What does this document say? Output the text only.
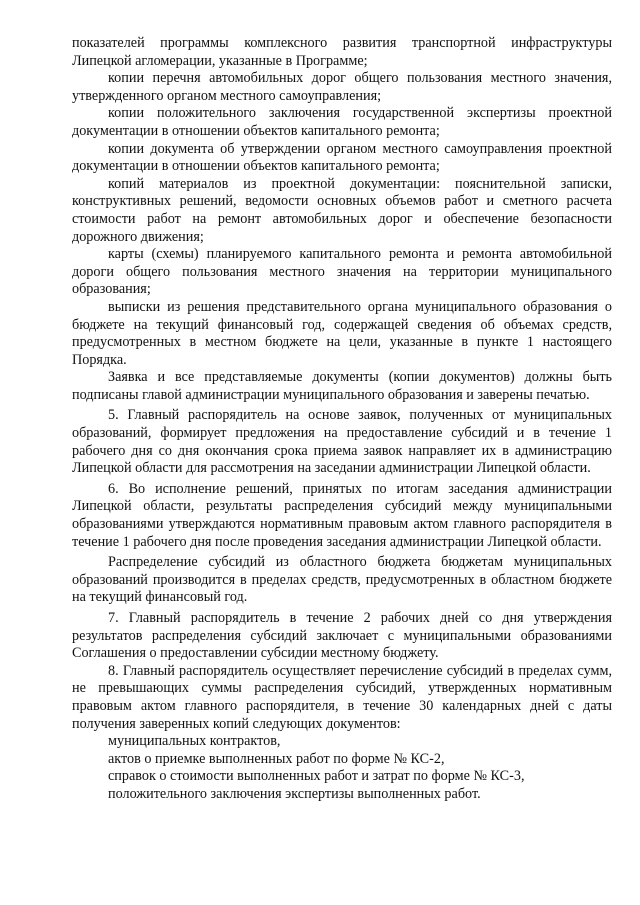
показателей программы комплексного развития транспортной инфраструктуры Липецкой агломерации, указанные в Программе;

копии перечня автомобильных дорог общего пользования местного значения, утвержденного органом местного самоуправления;

копии положительного заключения государственной экспертизы проектной документации в отношении объектов капитального ремонта;

копии документа об утверждении органом местного самоуправления проектной документации в отношении объектов капитального ремонта;

копий материалов из проектной документации: пояснительной записки, конструктивных решений, ведомости основных объемов работ и сметного расчета стоимости работ на ремонт автомобильных дорог и обеспечение безопасности дорожного движения;

карты (схемы) планируемого капитального ремонта и ремонта автомобильной дороги общего пользования местного значения на территории муниципального образования;

выписки из решения представительного органа муниципального образования о бюджете на текущий финансовый год, содержащей сведения об объемах средств, предусмотренных в местном бюджете на цели, указанные в пункте 1 настоящего Порядка.

Заявка и все представляемые документы (копии документов) должны быть подписаны главой администрации муниципального образования и заверены печатью.

5. Главный распорядитель на основе заявок, полученных от муниципальных образований, формирует предложения на предоставление субсидий и в течение 1 рабочего дня со дня окончания срока приема заявок направляет их в администрацию Липецкой области для рассмотрения на заседании администрации Липецкой области.

6. Во исполнение решений, принятых по итогам заседания администрации Липецкой области, результаты распределения субсидий между муниципальными образованиями утверждаются нормативным правовым актом главного распорядителя в течение 1 рабочего дня после проведения заседания администрации Липецкой области.

Распределение субсидий из областного бюджета бюджетам муниципальных образований производится в пределах средств, предусмотренных в областном бюджете на текущий финансовый год.

7. Главный распорядитель в течение 2 рабочих дней со дня утверждения результатов распределения субсидий заключает с муниципальными образованиями Соглашения о предоставлении субсидии местному бюджету.

8. Главный распорядитель осуществляет перечисление субсидий в пределах сумм, не превышающих суммы распределения субсидий, утвержденных нормативным правовым актом главного распорядителя, в течение 30 календарных дней с даты получения заверенных копий следующих документов:

муниципальных контрактов,

актов о приемке выполненных работ по форме № КС-2,

справок о стоимости выполненных работ и затрат по форме № КС-3,

положительного заключения экспертизы выполненных работ.
